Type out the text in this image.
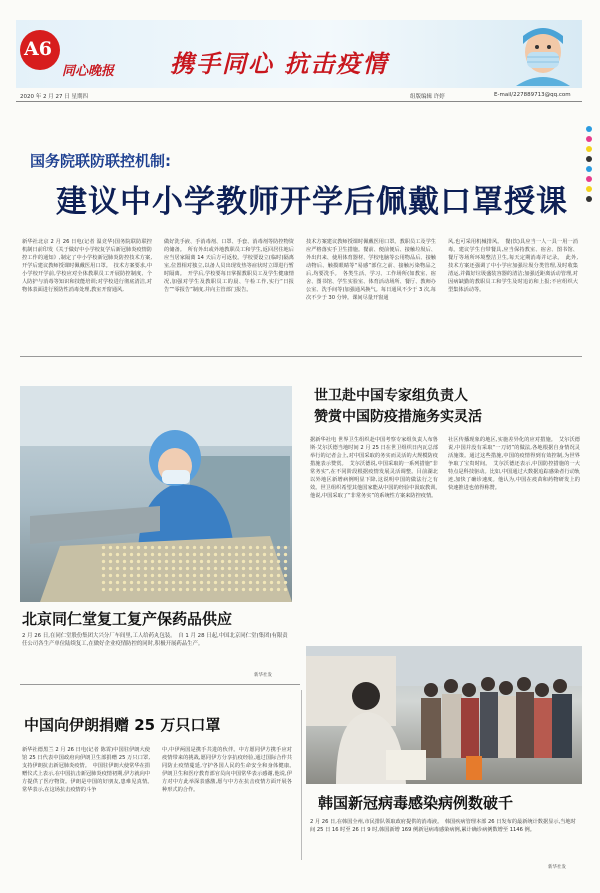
A6
同心晚报 携手同心 抗击疫情
2020 年 2 月 27 日 星期四	组版编辑 许婷	E-mail/227889713@qq.com
国务院联防联控机制:
建议中小学教师开学后佩戴口罩授课
新华社北京 2 月 26 日电(记者 温竞华)国务院联防联控机制日前印发《关于做好中小学校复学后新冠肺炎疫情防控工作的通知》,制定了中小学校新冠肺炎防控技术方案,开学后建议教师授课时佩戴医用口罩。　技术方案要求,中小学校开学前,学校应对全体教职员工开展防控制度、个人防护与消毒等知识和技能培训;对学校进行彻底清洁,对物体表面进行预防性消毒处理,教室开窗通风,
做好洗手液、手消毒剂、口罩、手套、消毒剂等防控物资的储备。　所有外出或外地教职员工和学生,返回居住地后应当居家隔离 14 天后方可返校。学校要设立(临时)隔离室,位置相对独立,以备人员出现发热等症状时立即进行暂时隔离。　开学后,学校要每日掌握教职员工及学生健康情况,加强对学生及教职员工的晨、午检工作,实行“日报告”“零报告”制度,并向主管部门报告。
技术方案建议教师授课时佩戴医用口罩。教职员工及学生应严格落实手卫生措施。餐前、便前便后、接触垃圾后、外出归来、使用体育器材、学校电脑等公用物品后、接触动物后、触摸眼睛等“易感”部位之前、接触污染物品之后,均要洗手。　各类生活、学习、工作场所(如教室、宿舍、图书馆、学生实验室、体育活动场所、餐厅、教师办公室、洗手间等)加强通风换气。每日通风不少于 3 次,每次不少于 30 分钟。课间尽量开窗通
风,也可采用机械排风。　餐(饮)具应当一人一具一用一消毒。建议学生自带餐具,应当保持教室、宿舍、图书馆、餐厅等场所环境整洁卫生,每天定期消毒并记录。　此外,技术方案还强调了中小学应加强垃圾分类管理,及时收集清运,并做好垃圾盛装容器的清洁;加强近距离活动管理,对因病缺勤的教职员工和学生及时追访和上报;不应组织大型集体活动等。
北京同仁堂复工复产保药品供应
2 月 26 日,在同仁堂股份集团大兴分厂车间里,工人给药丸包装。　自 1 月 28 日起,中国北京同仁堂(集团)有限责任公司各生产单位陆续复工,在做好企业疫情防控的同时,积极开展药品生产。
新华社发
世卫赴中国专家组负责人
赞赏中国防疫措施务实灵活
据新华社电 世界卫生组织赴中国考察专家组负责人布鲁斯·艾尔沃德当地时间 2 月 25 日在世卫组织日内瓦总部举行的记者会上,对中国采取的务实而灵活的大规模防疫措施表示赞赏。　艾尔沃德说,中国采取的一系列措施“非常务实”,在不同阶段根据疫情发展灵活调整。目前湖北以外地区新增病例明显下降,这说明中国的做法行之有效。世卫组织希望其他国家能从中国的经验中汲取教训。　他说,中国采取了“非常务实”的系统性方案来防控疫情。
社区传播现象的地区,实施差异化的应对措施。　艾尔沃德说,中国并没有采取“一刀切”的做法,各地根据自身情况灵活施策。通过这些措施,中国的疫情得到有效控制,为世界争取了宝贵时间。　艾尔沃德还表示,中国防控措施的一大特点是科技驱动。比如,中国通过大数据追踪感染者行动轨迹,加快了确诊速度。他认为,中国在疫苗和药物研发上的快速推进也值得称赞。
中国向伊朗捐赠 25 万只口罩
新华社德黑兰 2 月 26 日电(记者 陈霄)中国驻伊朗大使馆 25 日代表中国政府向伊朗卫生部捐赠 25 万只口罩,支持伊朗抗击新冠肺炎疫情。　中国驻伊朗大使常华在捐赠仪式上表示,在中国抗击新冠肺炎疫情初期,伊方就向中方提供了医疗物资。伊朗是中国的好朋友,患难见真情。　常华表示,在这场抗击疫情的斗争
中,中伊两国是携手共进的伙伴。中方愿同伊方携手应对疫情带来的挑战,愿同伊方分享抗疫经验,通过国际合作共同防止疫情蔓延,守护各国人民的生命安全和身体健康。　伊朗卫生和医疗教育部官员向中国常华表示感谢,他说,伊方对中方此举深表感激,愿与中方在抗击疫情方面开展各种形式的合作。
韩国新冠病毒感染病例数破千
2 月 26 日,在韩国全州,市民排队领取政府提供的消毒液。　韩国疾病管理本部 26 日发布的最新统计数据显示,当地时间 25 日 16 时至 26 日 9 时,韩国新增 169 例新冠病毒感染病例,累计确诊病例数增至 1146 例。
新华社发
